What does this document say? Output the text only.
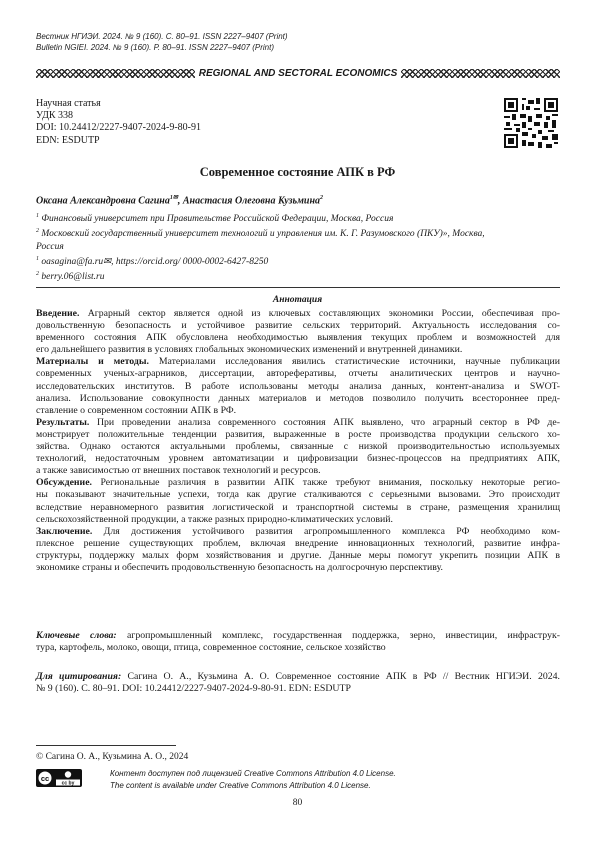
Вестник НГИЭИ. 2024. № 9 (160). С. 80–91. ISSN 2227–9407 (Print)
Bulletin NGIEI. 2024. № 9 (160). P. 80–91. ISSN 2227–9407 (Print)
REGIONAL AND SECTORAL ECONOMICS
Научная статья
УДК 338
DOI: 10.24412/2227-9407-2024-9-80-91
EDN: ESDUTP
Современное состояние АПК в РФ
Оксана Александровна Сагина$^{1✉}$, Анастасия Олеговна Кузьмина$^2$
$^1$ Финансовый университет при Правительстве Российской Федерации, Москва, Россия
$^2$ Московский государственный университет технологий и управления им. К. Г. Разумовского (ПКУ)», Москва,
Россия
$^1$ oasagina@fa.ru✉, https://orcid.org/ 0000-0002-6427-8250
$^2$ berry.06@list.ru
Аннотация
Введение. Аграрный сектор является одной из ключевых составляющих экономики России, обеспечивая про-
довольственную безопасность и устойчивое развитие сельских территорий. Актуальность исследования со-
временного состояния АПК обусловлена необходимостью выявления текущих проблем и возможностей для
его дальнейшего развития в условиях глобальных экономических изменений и внутренней динамики.
Материалы и методы. Материалами исследования явились статистические источники, научные публикации
современных ученых-аграрников, диссертации, автореферативы, отчеты аналитических центров и научно-
исследовательских институтов. В работе использованы методы анализа данных, контент-анализа и SWOT-
анализа. Использование совокупности данных материалов и методов позволило получить всестороннее пред-
ставление о современном состоянии АПК в РФ.
Результаты. При проведении анализа современного состояния АПК выявлено, что аграрный сектор в РФ де-
монстрирует положительные тенденции развития, выраженные в росте производства продукции сельского хо-
зяйства. Однако остаются актуальными проблемы, связанные с низкой производительностью используемых
технологий, недостаточным уровнем автоматизации и цифровизации бизнес-процессов на предприятиях АПК,
а также зависимостью от внешних поставок технологий и ресурсов.
Обсуждение. Региональные различия в развитии АПК также требуют внимания, поскольку некоторые регио-
ны показывают значительные успехи, тогда как другие сталкиваются с серьезными вызовами. Это происходит
вследствие неравномерного развития логистической и транспортной системы в стране, размещения хранилищ
сельскохозяйственной продукции, а также разных природно-климатических условий.
Заключение. Для достижения устойчивого развития агропромышленного комплекса РФ необходимо ком-
плексное решение существующих проблем, включая внедрение инновационных технологий, развитие инфра-
структуры, поддержку малых форм хозяйствования и другие. Данные меры помогут укрепить позиции АПК в
экономике страны и обеспечить продовольственную безопасность на долгосрочную перспективу.
Ключевые слова: агропромышленный комплекс, государственная поддержка, зерно, инвестиции, инфраструк-
тура, картофель, молоко, овощи, птица, современное состояние, сельское хозяйство
Для цитирования: Сагина О. А., Кузьмина А. О. Современное состояние АПК в РФ // Вестник НГИЭИ. 2024.
№ 9 (160). С. 80–91. DOI: 10.24412/2227-9407-2024-9-80-91. EDN: ESDUTP
© Сагина О. А., Кузьмина А. О., 2024
cc
cc by
Контент доступен под лицензией Creative Commons Attribution 4.0 License.
The content is available under Creative Commons Attribution 4.0 License.
80
